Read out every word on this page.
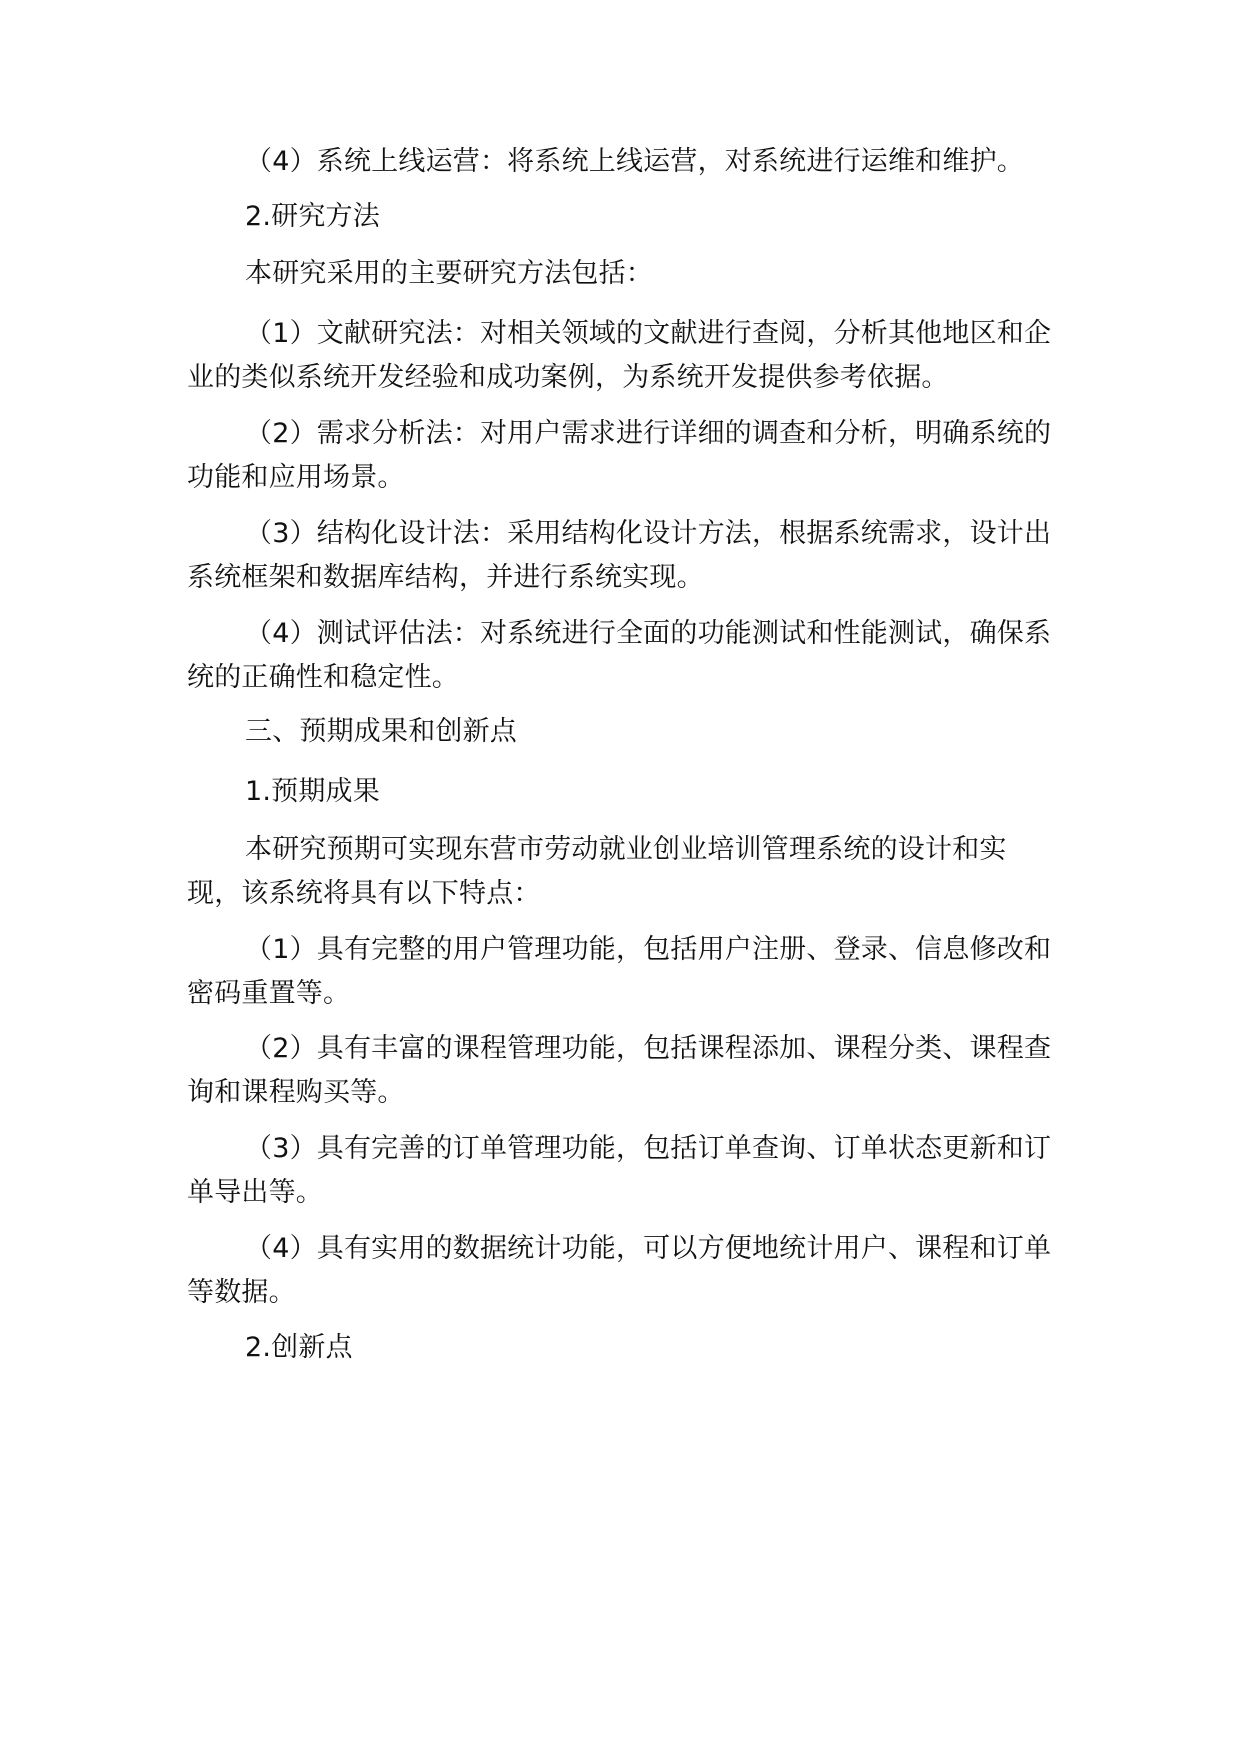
（4）系统上线运营：将系统上线运营，对系统进行运维和维护。

2.研究方法

本研究采用的主要研究方法包括：

（1）文献研究法：对相关领域的文献进行查阅，分析其他地区和企业的类似系统开发经验和成功案例，为系统开发提供参考依据。

（2）需求分析法：对用户需求进行详细的调查和分析，明确系统的功能和应用场景。

（3）结构化设计法：采用结构化设计方法，根据系统需求，设计出系统框架和数据库结构，并进行系统实现。

（4）测试评估法：对系统进行全面的功能测试和性能测试，确保系统的正确性和稳定性。

三、预期成果和创新点

1.预期成果

本研究预期可实现东营市劳动就业创业培训管理系统的设计和实现，该系统将具有以下特点：

（1）具有完整的用户管理功能，包括用户注册、登录、信息修改和密码重置等。

（2）具有丰富的课程管理功能，包括课程添加、课程分类、课程查询和课程购买等。

（3）具有完善的订单管理功能，包括订单查询、订单状态更新和订单导出等。

（4）具有实用的数据统计功能，可以方便地统计用户、课程和订单等数据。

2.创新点
